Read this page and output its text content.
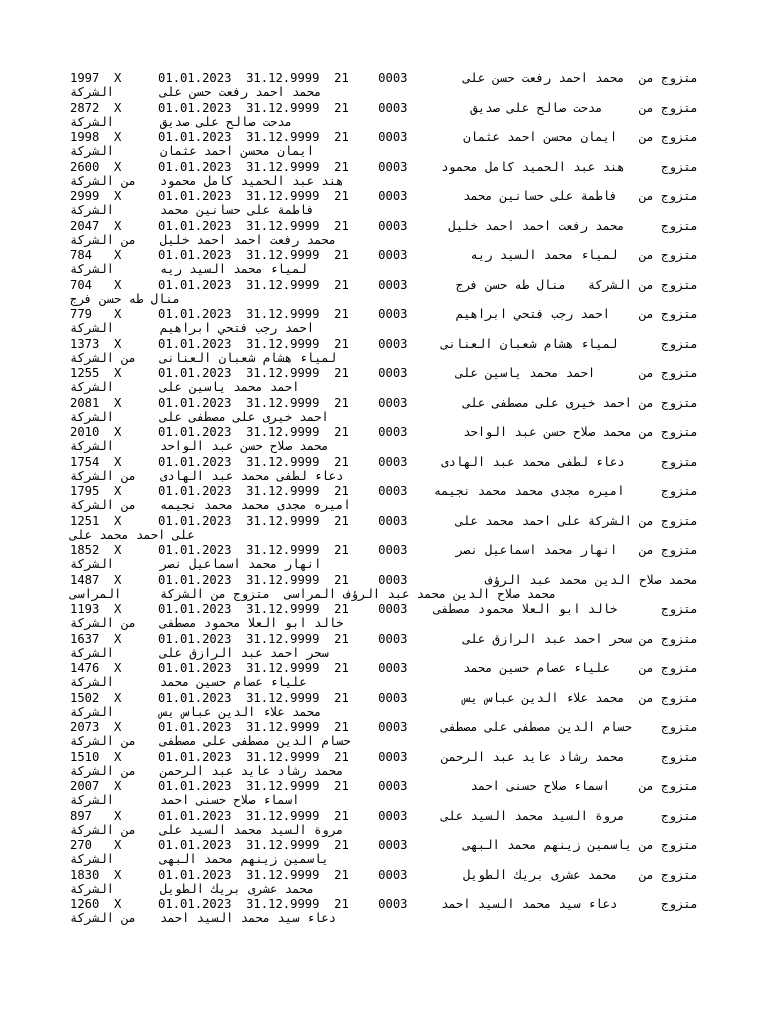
1997  X     01.01.2023  31.12.9999  21    0003	متزوج من  محمد احمد رفعت حسن على
الشركة	محمد احمد رفعت حسن على
2872  X     01.01.2023  31.12.9999  21    0003	متزوج من     مدحت صالح على صديق
الشركة	مدحت صالح على صديق
1998  X     01.01.2023  31.12.9999  21    0003	متزوج من   ايمان محسن احمد عثمان
الشركة	ايمان محسن احمد عثمان
2600  X     01.01.2023  31.12.9999  21    0003	متزوج     هند عبد الحميد كامل محمود
من الشركة هند عبد الحميد كامل محمود
2999  X     01.01.2023  31.12.9999  21    0003	متزوج من   فاطمة على حسانين محمد
الشركة	فاطمة على حسانين محمد
2047  X     01.01.2023  31.12.9999  21    0003	متزوج     محمد رفعت احمد احمد خليل
من الشركة محمد رفعت احمد احمد خليل
784   X     01.01.2023  31.12.9999  21    0003	متزوج من   لمياء محمد السيد ريه
الشركة	لمياء محمد السيد ريه
704   X     01.01.2023  31.12.9999  21    0003	متزوج من الشركة   منال طه حسن فرج
منال طه حسن فرج
779   X     01.01.2023  31.12.9999  21    0003	متزوج من    احمد رجب فتحي ابراهيم
الشركة	احمد رجب فتحي ابراهيم
1373  X     01.01.2023  31.12.9999  21    0003	متزوج      لمياء هشام شعبان العنانى
من الشركة لمياء هشام شعبان العنانى
1255  X     01.01.2023  31.12.9999  21    0003	متزوج من      احمد محمد ياسين على
الشركة	احمد محمد ياسين على
2081  X     01.01.2023  31.12.9999  21    0003	متزوج من احمد خيرى على مصطفى على
الشركة	احمد خيرى على مصطفى على
2010  X     01.01.2023  31.12.9999  21    0003	متزوج من محمد صلاح حسن عبد الواحد
الشركة	محمد صلاح حسن عبد الواحد
1754  X     01.01.2023  31.12.9999  21    0003	متزوج     دعاء لطفى محمد عبد الهادى
من الشركة دعاء لطفى محمد عبد الهادى
1795  X     01.01.2023  31.12.9999  21    0003	متزوج     اميره مجدى محمد محمد نجيمه
من الشركة اميره مجدى محمد محمد نجيمه
1251  X     01.01.2023  31.12.9999  21    0003	متزوج من الشركة على احمد محمد على
على احمد محمد على
1852  X     01.01.2023  31.12.9999  21    0003	متزوج من   انهار محمد اسماعيل نصر
الشركة	انهار محمد اسماعيل نصر
1487  X     01.01.2023  31.12.9999  21    0003	محمد صلاح الدين محمد عبد الرؤف
المراسى	محمد صلاح الدين محمد عبد الرؤف المراسى  متزوج من الشركة
1193  X     01.01.2023  31.12.9999  21    0003	متزوج      خالد ابو العلا محمود مصطفى
من الشركة خالد ابو العلا محمود مصطفى
1637  X     01.01.2023  31.12.9999  21    0003	متزوج من سحر احمد عبد الرازق على
الشركة	سحر احمد عبد الرازق على
1476  X     01.01.2023  31.12.9999  21    0003	متزوج من    علياء عصام حسين محمد
الشركة	علياء عصام حسين محمد
1502  X     01.01.2023  31.12.9999  21    0003	متزوج من  محمد علاء الدين عباس يس
الشركة	محمد علاء الدين عباس يس
2073  X     01.01.2023  31.12.9999  21    0003	متزوج    حسام الدين مصطفى على مصطفى
من الشركة حسام الدين مصطفى على مصطفى
1510  X     01.01.2023  31.12.9999  21    0003	متزوج     محمد رشاد عايد عبد الرحمن
من الشركة محمد رشاد عايد عبد الرحمن
2007  X     01.01.2023  31.12.9999  21    0003	متزوج من    اسماء صلاح حسنى احمد
الشركة	اسماء صلاح حسنى احمد
897   X     01.01.2023  31.12.9999  21    0003	متزوج     مروة السيد محمد السيد على
من الشركة مروة السيد محمد السيد على
270   X     01.01.2023  31.12.9999  21    0003	متزوج من ياسمين زينهم محمد البهى
الشركة	ياسمين زينهم محمد البهى
1830  X     01.01.2023  31.12.9999  21    0003	متزوج من   محمد عشرى بريك الطويل
الشركة	محمد عشرى بريك الطويل
1260  X     01.01.2023  31.12.9999  21    0003	متزوج      دعاء سيد محمد السيد احمد
من الشركة دعاء سيد محمد السيد احمد
